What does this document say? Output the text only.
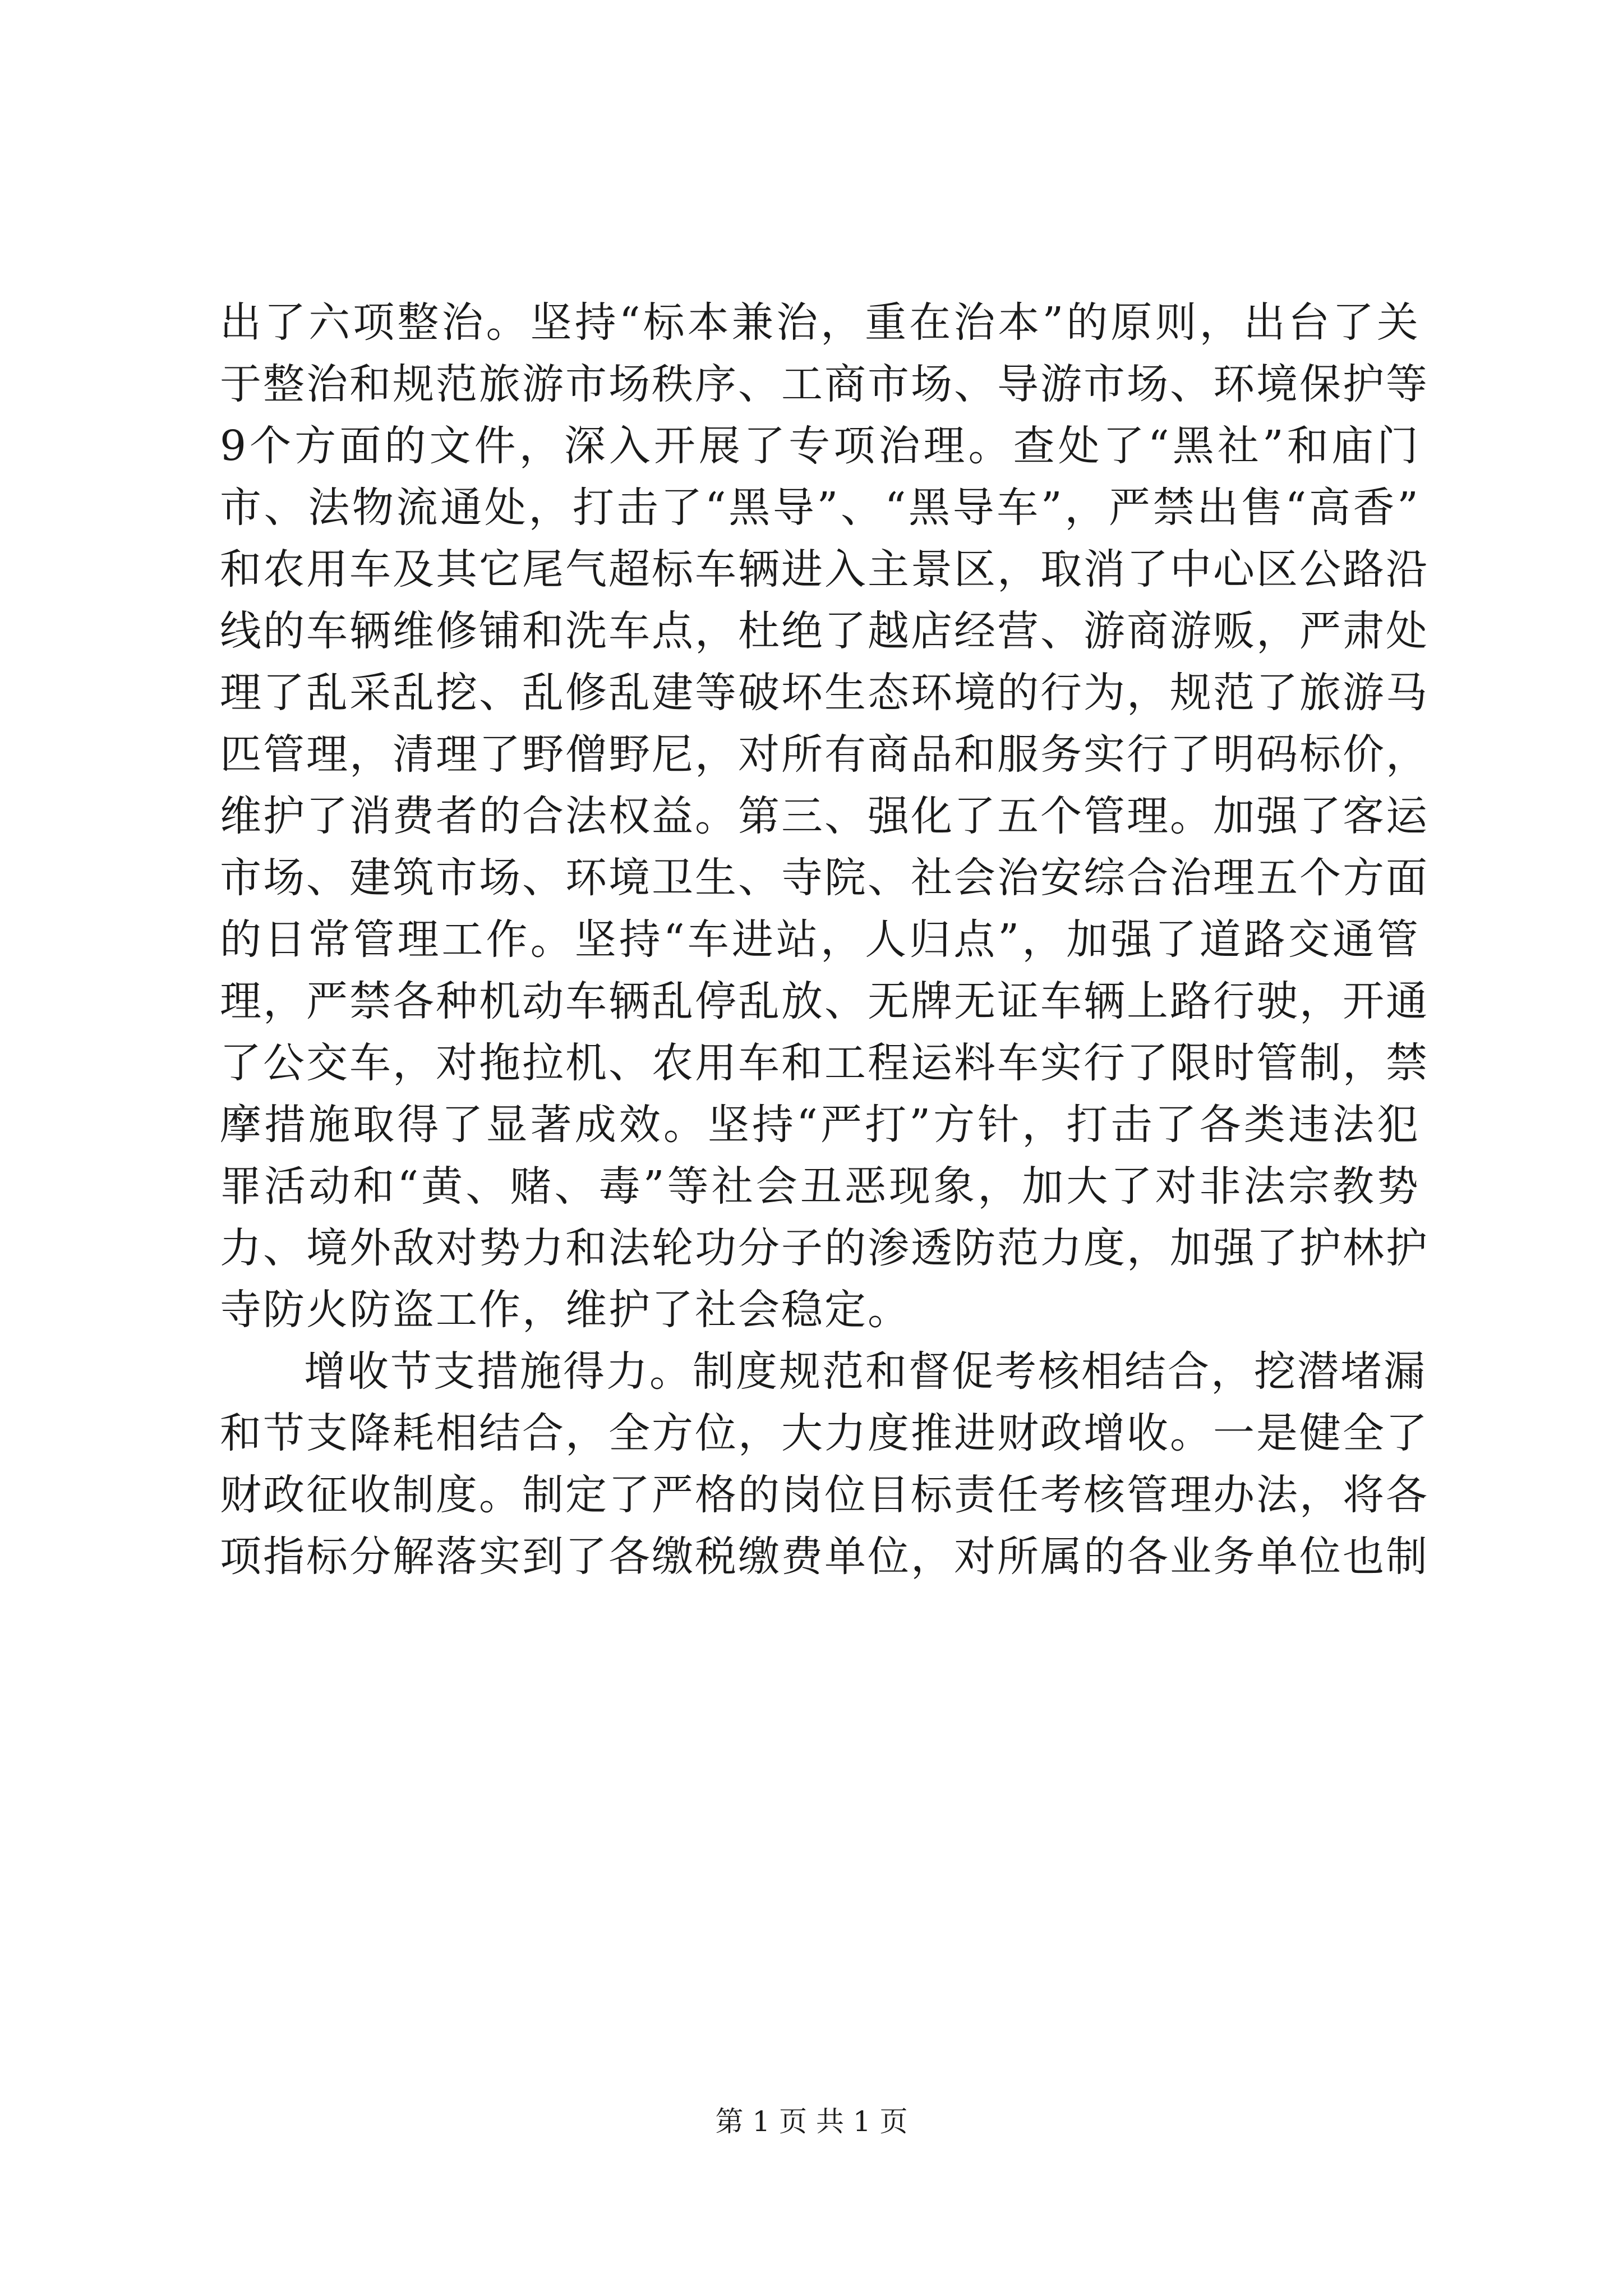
出了六项整治。坚持“标本兼治，重在治本”的原则，出台了关
于整治和规范旅游市场秩序、工商市场、导游市场、环境保护等
9个方面的文件，深入开展了专项治理。查处了“黑社”和庙门
市、法物流通处，打击了“黑导”、“黑导车”，严禁出售“高香”
和农用车及其它尾气超标车辆进入主景区，取消了中心区公路沿
线的车辆维修铺和洗车点，杜绝了越店经营、游商游贩，严肃处
理了乱采乱挖、乱修乱建等破坏生态环境的行为，规范了旅游马
匹管理，清理了野僧野尼，对所有商品和服务实行了明码标价，
维护了消费者的合法权益。第三、强化了五个管理。加强了客运
市场、建筑市场、环境卫生、寺院、社会治安综合治理五个方面
的日常管理工作。坚持“车进站，人归点”，加强了道路交通管
理，严禁各种机动车辆乱停乱放、无牌无证车辆上路行驶，开通
了公交车，对拖拉机、农用车和工程运料车实行了限时管制，禁
摩措施取得了显著成效。坚持“严打”方针，打击了各类违法犯
罪活动和“黄、赌、毒”等社会丑恶现象，加大了对非法宗教势
力、境外敌对势力和法轮功分子的渗透防范力度，加强了护林护
寺防火防盗工作，维护了社会稳定。
增收节支措施得力。制度规范和督促考核相结合，挖潜堵漏
和节支降耗相结合，全方位，大力度推进财政增收。一是健全了
财政征收制度。制定了严格的岗位目标责任考核管理办法，将各
项指标分解落实到了各缴税缴费单位，对所属的各业务单位也制
第 1 页 共 1 页
